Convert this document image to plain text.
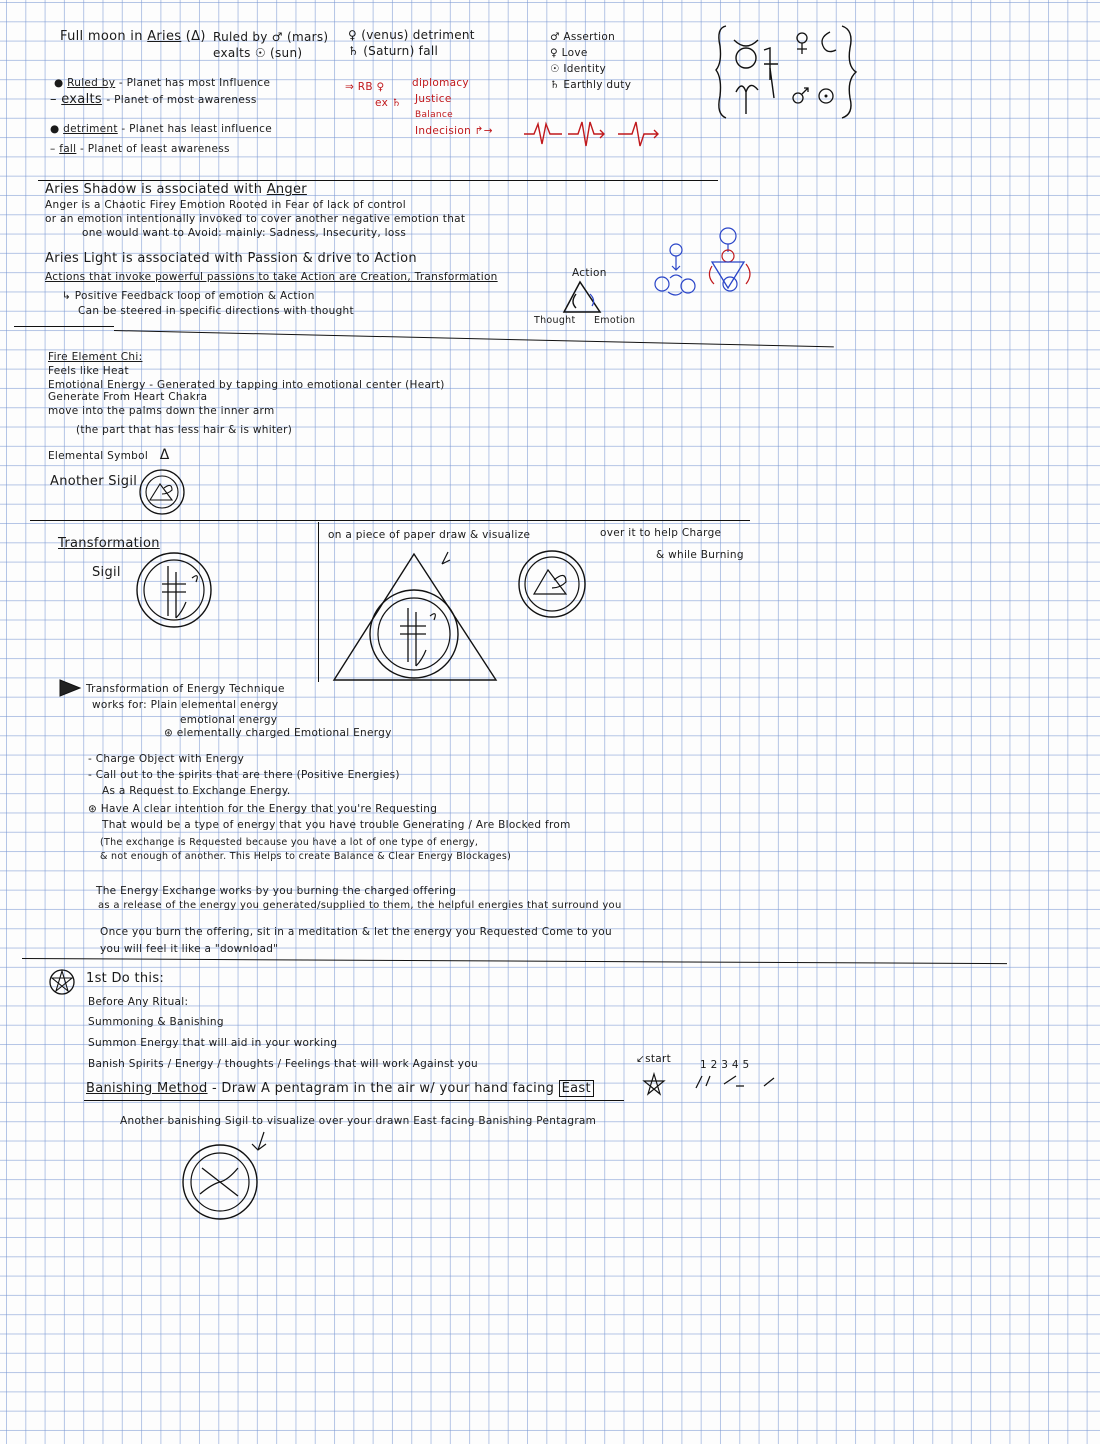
Full moon in Aries (Δ) Ruled by ♂ (mars)
exalts ☉ (sun)
♀ (venus) detriment
♄ (Saturn) fall
♂ Assertion
♀ Love
☉ Identity
♄ Earthly duty
● Ruled by - Planet has most Influence
– exalts - Planet of most awareness
● detriment - Planet has least influence
– fall - Planet of least awareness
⇒ RB ♀
ex ♄
diplomacy
Justice
Balance
Indecision ↱→
Aries Shadow is associated with Anger
Anger is a Chaotic Firey Emotion Rooted in Fear of lack of control
or an emotion intentionally invoked to cover another negative emotion that
one would want to Avoid: mainly: Sadness, Insecurity, loss
Aries Light is associated with Passion & drive to Action
Actions that invoke powerful passions to take Action are Creation, Transformation
↳ Positive Feedback loop of emotion & Action
Can be steered in specific directions with thought
Action
Thought Emotion
Fire Element Chi:
Feels like Heat
Emotional Energy - Generated by tapping into emotional center (Heart)
Generate From Heart Chakra
move into the palms down the inner arm
(the part that has less hair & is whiter)
Elemental Symbol Δ
Another Sigil
Transformation
Sigil
on a piece of paper draw & visualize	over it to help Charge
& while Burning
Transformation of Energy Technique
works for: Plain elemental energy
emotional energy
⊛ elementally charged Emotional Energy
- Charge Object with Energy
- Call out to the spirits that are there (Positive Energies)
As a Request to Exchange Energy.
⊛ Have A clear intention for the Energy that you're Requesting
That would be a type of energy that you have trouble Generating / Are Blocked from
(The exchange is Requested because you have a lot of one type of energy,
& not enough of another. This Helps to create Balance & Clear Energy Blockages)
The Energy Exchange works by you burning the charged offering
as a release of the energy you generated/supplied to them, the helpful energies that surround you
Once you burn the offering, sit in a meditation & let the energy you Requested Come to you
you will feel it like a "download"
1st Do this:
Before Any Ritual:
Summoning & Banishing
Summon Energy that will aid in your working
Banish Spirits / Energy / thoughts / Feelings that will work Against you	↙start	1 2 3 4 5
Banishing Method - Draw A pentagram in the air w/ your hand facing East
Another banishing Sigil to visualize over your drawn East facing Banishing Pentagram
